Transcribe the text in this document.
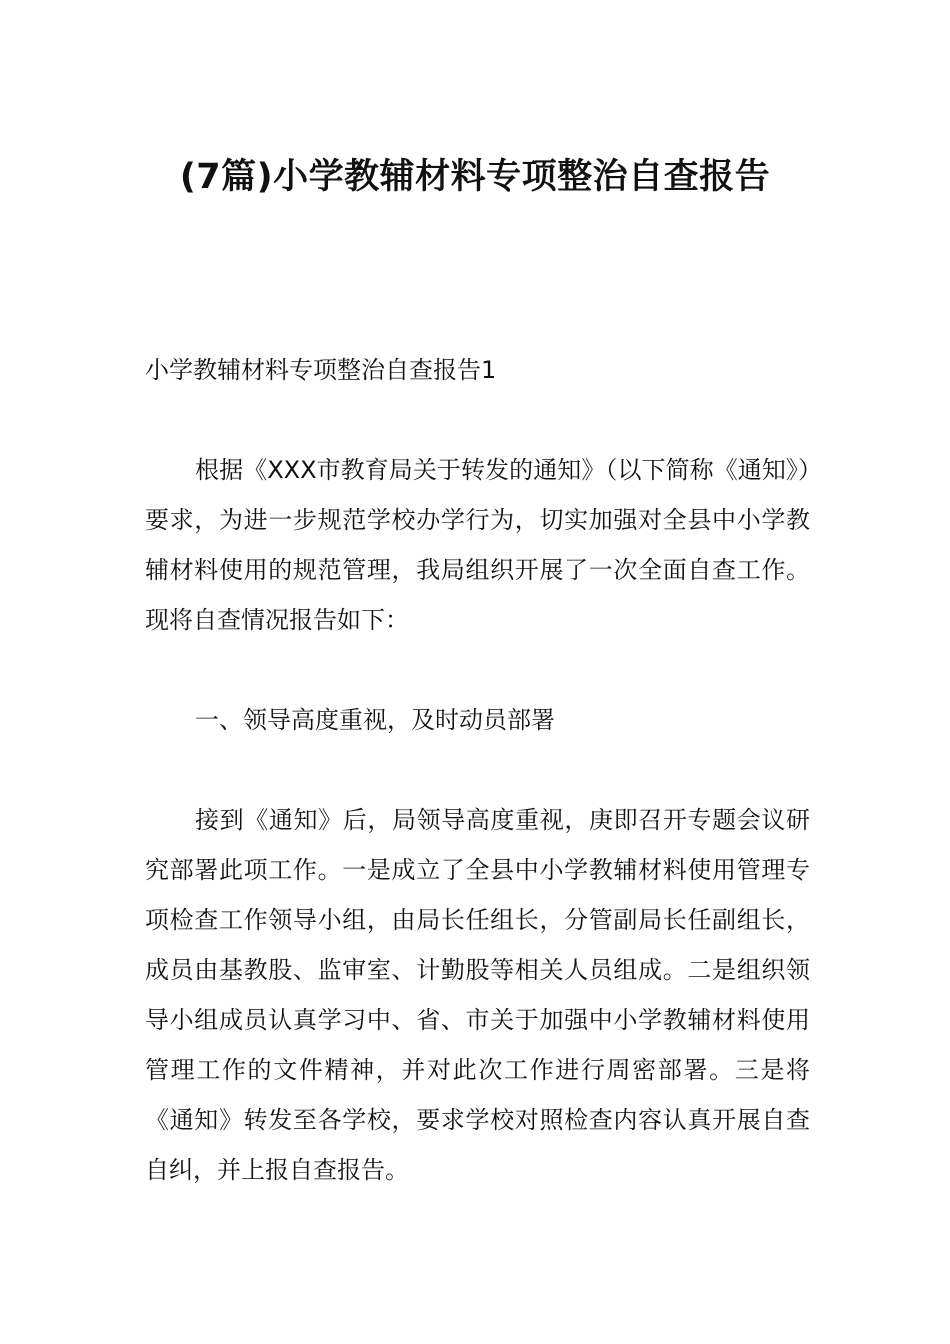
(7篇)小学教辅材料专项整治自查报告

小学教辅材料专项整治自查报告1

根据《XXX市教育局关于转发的通知》（以下简称《通知》）要求，为进一步规范学校办学行为，切实加强对全县中小学教辅材料使用的规范管理，我局组织开展了一次全面自查工作。现将自查情况报告如下：

一、领导高度重视，及时动员部署

接到《通知》后，局领导高度重视，庚即召开专题会议研究部署此项工作。一是成立了全县中小学教辅材料使用管理专项检查工作领导小组，由局长任组长，分管副局长任副组长，成员由基教股、监审室、计勤股等相关人员组成。二是组织领导小组成员认真学习中、省、市关于加强中小学教辅材料使用管理工作的文件精神，并对此次工作进行周密部署。三是将《通知》转发至各学校，要求学校对照检查内容认真开展自查自纠，并上报自查报告。
